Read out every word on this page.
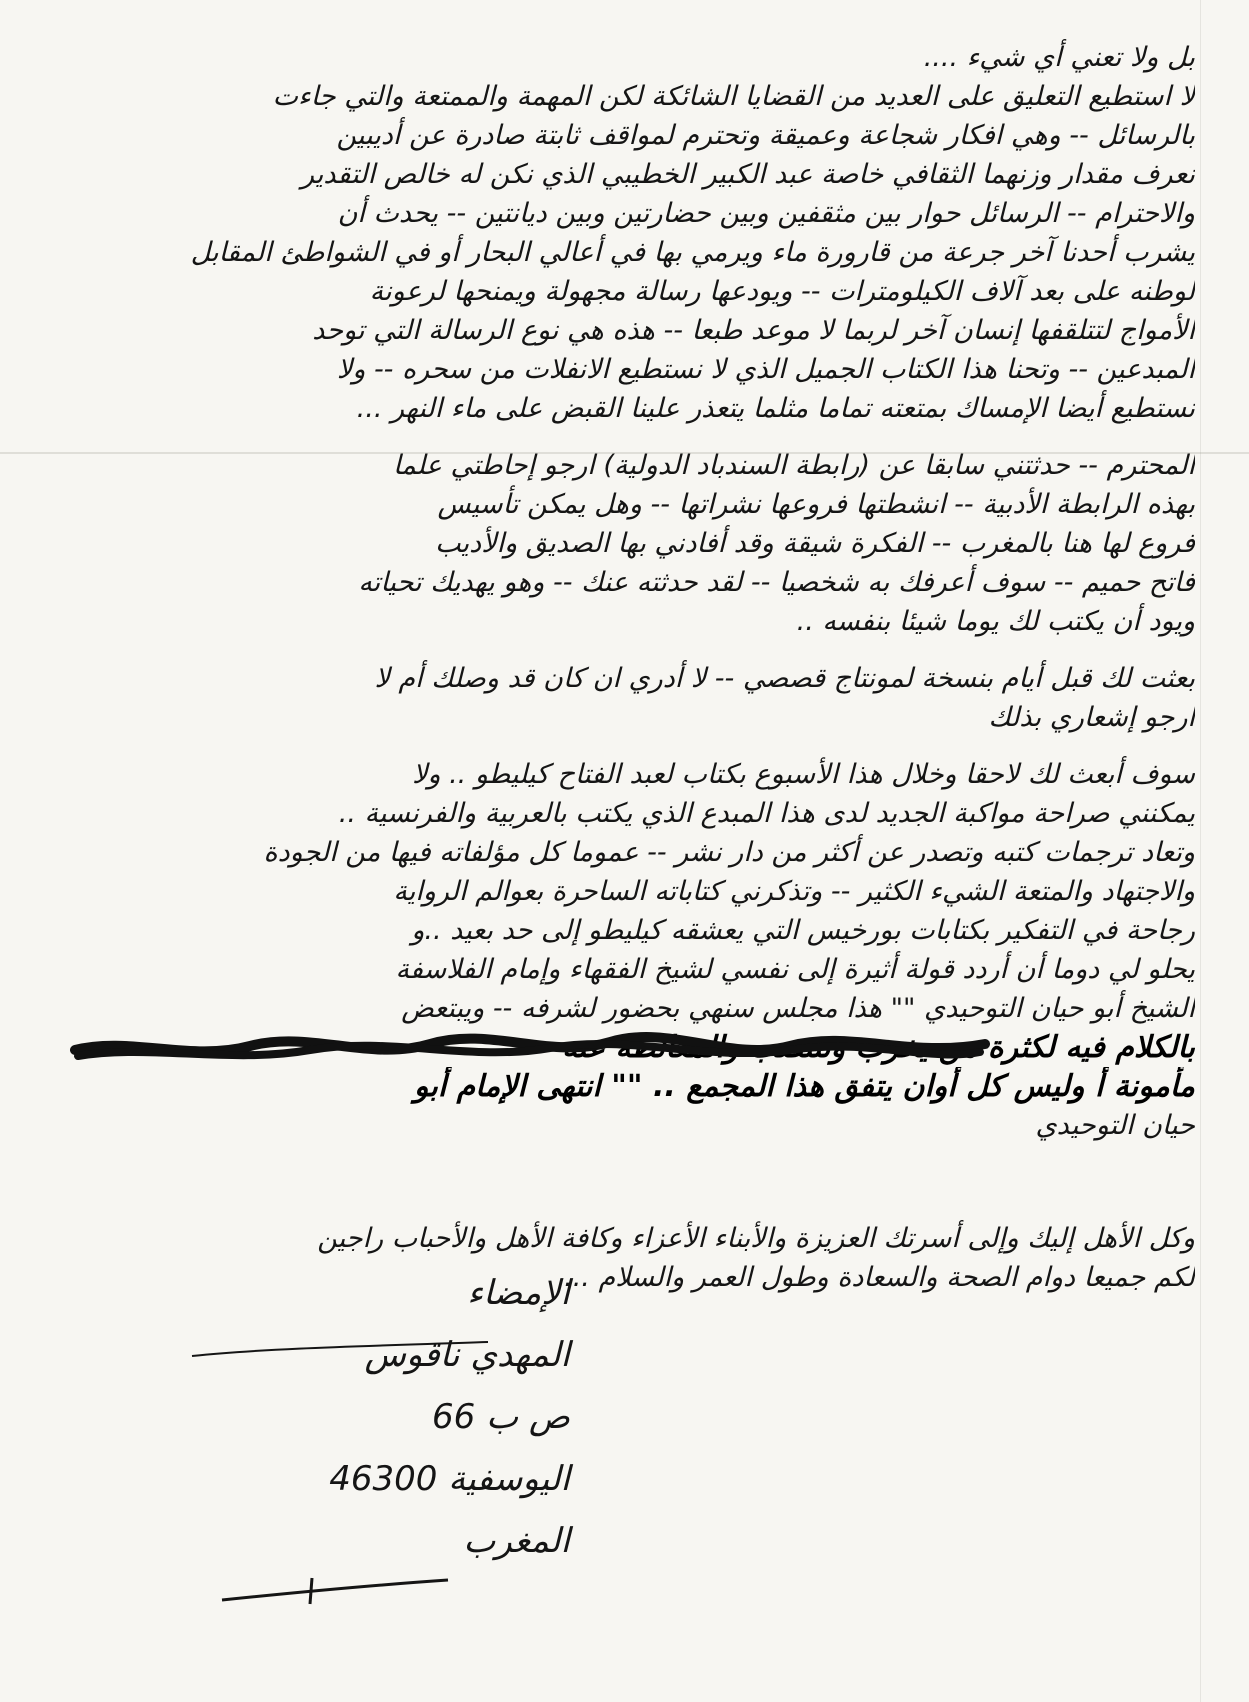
بل ولا تعني أي شيء ....
لا استطيع التعليق على العديد من القضايا الشائكة لكن المهمة والممتعة والتي جاءت
بالرسائل -- وهي افكار شجاعة وعميقة وتحترم لمواقف ثابتة صادرة عن أديبين
نعرف مقدار وزنهما الثقافي خاصة عبد الكبير الخطيبي الذي نكن له خالص التقدير
والاحترام -- الرسائل حوار بين مثقفين وبين حضارتين وبين ديانتين -- يحدث أن
يشرب أحدنا آخر جرعة من قارورة ماء ويرمي بها في أعالي البحار أو في الشواطئ المقابل
لوطنه على بعد آلاف الكيلومترات -- ويودعها رسالة مجهولة ويمنحها لرعونة
الأمواج لتتلقفها إنسان آخر لربما لا موعد طبعا -- هذه هي نوع الرسالة التي توحد
المبدعين -- وتحنا هذا الكتاب الجميل الذي لا نستطيع الانفلات من سحره -- ولا
نستطيع أيضا الإمساك بمتعته تماما مثلما يتعذر علينا القبض على ماء النهر ...
المحترم -- حدثتني سابقا عن (رابطة السندباد الدولية) ارجو إحاطتي علما
بهذه الرابطة الأدبية -- انشطتها فروعها نشراتها -- وهل يمكن تأسيس
فروع لها هنا بالمغرب -- الفكرة شيقة وقد أفادني بها الصديق والأديب
فاتح حميم -- سوف أعرفك به شخصيا -- لقد حدثته عنك -- وهو يهديك تحياته
ويود أن يكتب لك يوما شيئا بنفسه ..
بعثت لك قبل أيام بنسخة لمونتاج قصصي -- لا أدري ان كان قد وصلك أم لا
ارجو إشعاري بذلك
سوف أبعث لك لاحقا وخلال هذا الأسبوع بكتاب لعبد الفتاح كيليطو .. ولا
يمكنني صراحة مواكبة الجديد لدى هذا المبدع الذي يكتب بالعربية والفرنسية ..
وتعاد ترجمات كتبه وتصدر عن أكثر من دار نشر -- عموما كل مؤلفاته فيها من الجودة
والاجتهاد والمتعة الشيء الكثير -- وتذكرني كتاباته الساحرة بعوالم الرواية
رجاحة في التفكير بكتابات بورخيس التي يعشقه كيليطو إلى حد بعيد ..و
يحلو لي دوما أن أردد قولة أثيرة إلى نفسي لشيخ الفقهاء وإمام الفلاسفة
الشيخ أبو حيان التوحيدي "" هذا مجلس سنهي بحضور لشرفه -- ويبتعض
بالكلام فيه لكثرة من يخرب وتنتصب والمغالطة عنه
مأمونة أ وليس كل أوان يتفق هذا المجمع .. "" انتهى الإمام أبو
حيان التوحيدي
وكل الأهل إليك وإلى أسرتك العزيزة والأبناء الأعزاء وكافة الأهل والأحباب راجين
لكم جميعا دوام الصحة والسعادة وطول العمر والسلام ...
الإمضاء
المهدي ناقوس
ص ب 66
اليوسفية 46300
المغرب
